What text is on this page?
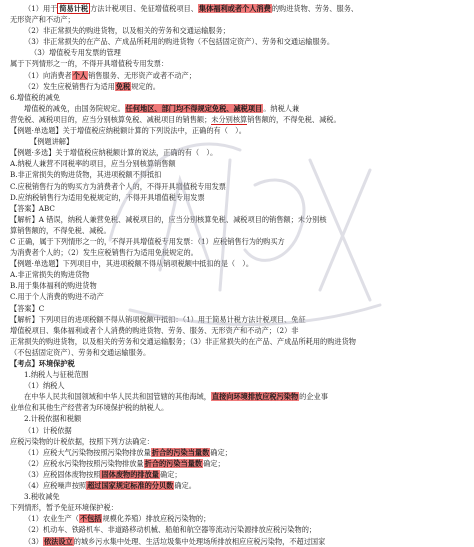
（1）用于 简易计税 方法计税项目、免征增值税项目、集体福利或者个人消费的购进货物、劳务、服务、
无形资产和不动产；
（2）非正常损失的购进货物，以及相关的劳务和交通运输服务；
（3）非正常损失的在产品、产成品所耗用的购进货物（不包括固定资产）、劳务和交通运输服务。
（3）增值税专用发票的管理
属于下列情形之一的，不得开具增值税专用发票：
（1）向消费者个人销售服务、无形资产或者不动产；
（2）发生应税销售行为适用免税规定的。
6.增值税的减免
增值税的减免，由国务院规定。任何地区、部门均不得规定免税、减税项目。纳税人兼
营免税、减税项目的，应当分别核算免税、减税项目的销售额；未分别核算销售额的，不得免税、减税。
【例题·单选题】关于增值税应纳税额计算的下列说法中，正确的有（　）。
【例题讲解】
【例题·多选】关于增值税应纳税额计算的说法，正确的有（　）。
A.纳税人兼营不同税率的项目，应当分别核算销售额
B.非正常损失的购进货物，其进项税额不得抵扣
C.应税销售行为的购买方为消费者个人的，不得开具增值税专用发票
D.应纳税销售行为适用免税规定的，不得开具增值税专用发票
【答案】ABC
【解析】A 错误，纳税人兼营免税、减税项目的，应当分别核算免税、减税项目的销售额；未分别核
算销售额的，不得免税、减税。
C 正确，属于下列情形之一的，不得开具增值税专用发票：（1）应税销售行为的购买方
为消费者个人的；（2）发生应税销售行为适用免税规定的。
【例题·单选题】下列项目中，其进项税额不得从销项税额中抵扣的是（　）。
A.非正常损失的购进货物
B.用于集体福利的购进货物
C.用于个人消费的购进不动产
【答案】C
【解析】下列项目的进项税额不得从销项税额中抵扣：（1）用于简易计税方法计税项目、免征
增值税项目、集体福利或者个人消费的购进货物、劳务、服务、无形资产和不动产；（2）非
正常损失的购进货物，以及相关的劳务和交通运输服务；（3）非正常损失的在产品、产成品所耗用的购进货物
（不包括固定资产）、劳务和交通运输服务。
【考点】环境保护税
1.纳税人与征税范围
（1）纳税人
在中华人民共和国领域和中华人民共和国管辖的其他海域，直接向环境排放应税污染物的企业事
业单位和其他生产经营者为环境保护税的纳税人。
2.计税依据和税额
（1）计税依据
应税污染物的计税依据，按照下列方法确定：
（1）应税大气污染物按照污染物排放量折合的污染当量数确定；
（2）应税水污染物按照污染物排放量折合的污染当量数确定；
（3）应税固体废物按照固体废物的排放量确定；
（4）应税噪声按照超过国家规定标准的分贝数确定。
3.税收减免
下列情形，暂予免征环境保护税：
（1）农业生产（不包括规模化养殖）排放应税污染物的；
（2）机动车、铁路机车、非道路移动机械、船舶和航空器等流动污染源排放应税污染物的；
（3）依法设立的城乡污水集中处理、生活垃圾集中处理场所排放相应应税污染物，不超过国家
